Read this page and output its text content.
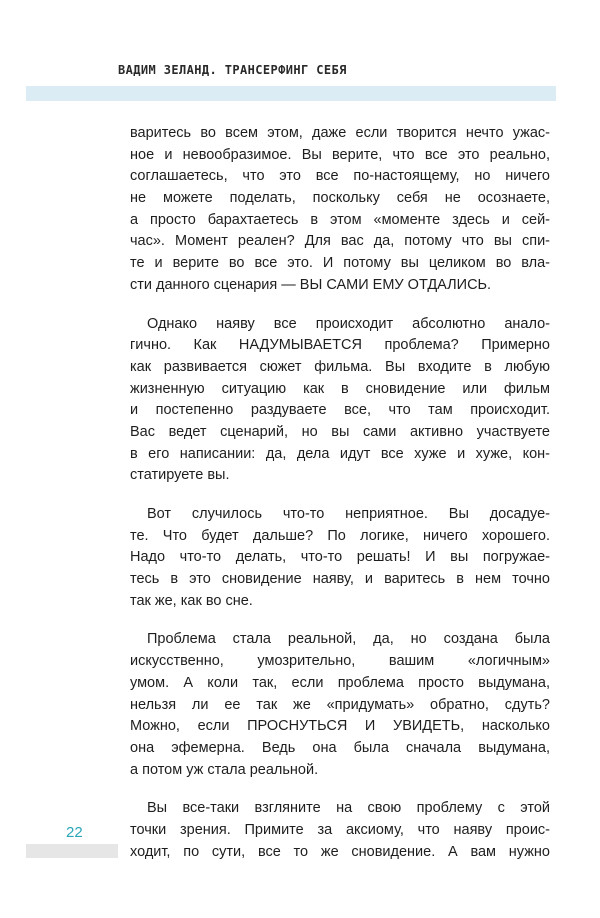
ВАДИМ ЗЕЛАНД. ТРАНСЕРФИНГ СЕБЯ

варитесь во всем этом, даже если творится нечто ужас-
ное и невообразимое. Вы верите, что все это реально,
соглашаетесь, что это все по-настоящему, но ничего
не можете поделать, поскольку себя не осознаете,
а просто барахтаетесь в этом «моменте здесь и сей-
час». Момент реален? Для вас да, потому что вы спи-
те и верите во все это. И потому вы целиком во вла-
сти данного сценария — ВЫ САМИ ЕМУ ОТДАЛИСЬ.

Однако наяву все происходит абсолютно анало-
гично. Как НАДУМЫВАЕТСЯ проблема? Примерно
как развивается сюжет фильма. Вы входите в любую
жизненную ситуацию как в сновидение или фильм
и постепенно раздуваете все, что там происходит.
Вас ведет сценарий, но вы сами активно участвуете
в его написании: да, дела идут все хуже и хуже, кон-
статируете вы.

Вот случилось что-то неприятное. Вы досадуе-
те. Что будет дальше? По логике, ничего хорошего.
Надо что-то делать, что-то решать! И вы погружае-
тесь в это сновидение наяву, и варитесь в нем точно
так же, как во сне.

Проблема стала реальной, да, но создана была
искусственно, умозрительно, вашим «логичным»
умом. А коли так, если проблема просто выдумана,
нельзя ли ее так же «придумать» обратно, сдуть?
Можно, если ПРОСНУТЬСЯ И УВИДЕТЬ, насколько
она эфемерна. Ведь она была сначала выдумана,
а потом уж стала реальной.

Вы все-таки взгляните на свою проблему с этой
точки зрения. Примите за аксиому, что наяву проис-
ходит, по сути, все то же сновидение. А вам нужно

22
